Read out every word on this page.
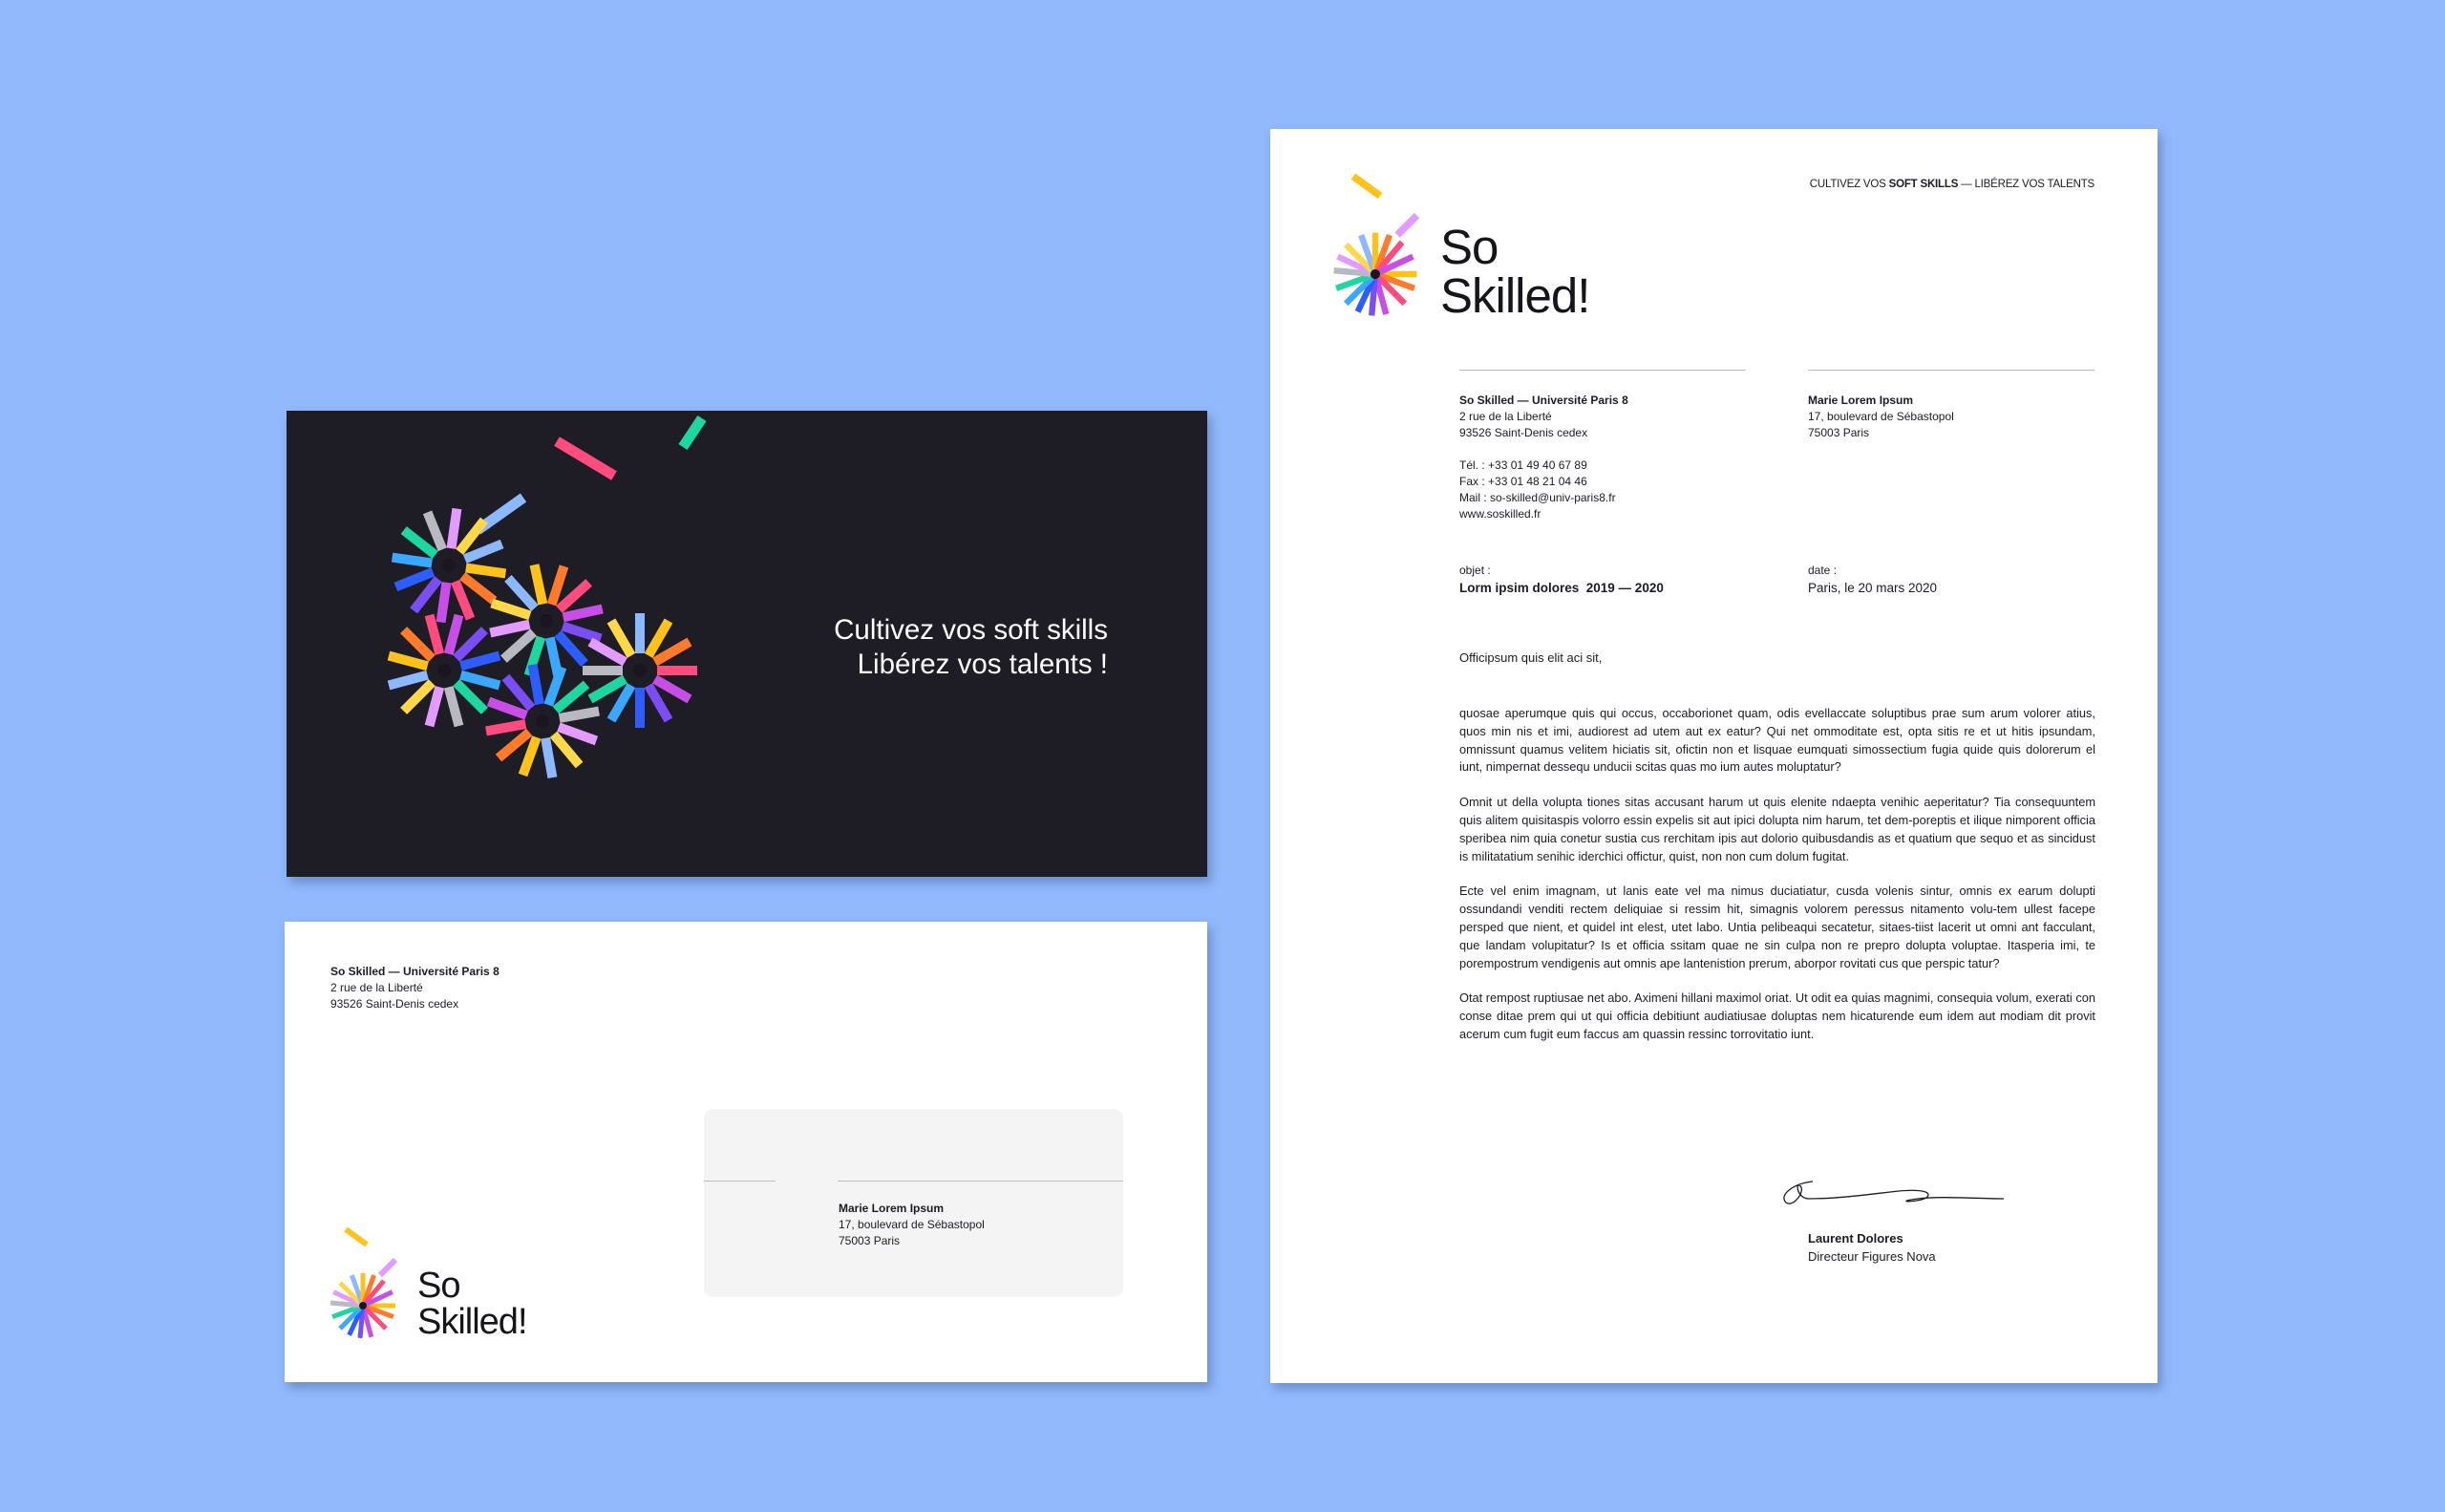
Cultivez vos soft skills
Libérez vos talents !
So Skilled — Université Paris 8
2 rue de la Liberté
93526 Saint-Denis cedex
Marie Lorem Ipsum
17, boulevard de Sébastopol
75003 Paris
So
Skilled!
So
Skilled!
CULTIVEZ VOS SOFT SKILLS — LIBÉREZ VOS TALENTS
So Skilled — Université Paris 8
2 rue de la Liberté
93526 Saint-Denis cedex
Tél. : +33 01 49 40 67 89
Fax : +33 01 48 21 04 46
Mail : so-skilled@univ-paris8.fr
www.soskilled.fr
Marie Lorem Ipsum
17, boulevard de Sébastopol
75003 Paris
objet :
Lorm ipsim dolores  2019 — 2020
date :
Paris, le 20 mars 2020
Officipsum quis elit aci sit,

quosae aperumque quis qui occus, occaborionet quam, odis evellaccate soluptibus prae sum arum volorer atius, quos min nis et imi, audiorest ad utem aut ex eatur? Qui net ommoditate est, opta sitis re et ut hitis ipsundam, omnissunt quamus velitem hiciatis sit, ofictin non et lisquae eumquati simossectium fugia quide quis dolorerum el iunt, nimpernat dessequ unducii scitas quas mo ium autes moluptatur?

Omnit ut della volupta tiones sitas accusant harum ut quis elenite ndaepta venihic aeperitatur? Tia consequuntem quis alitem quisitaspis volorro essin expelis sit aut ipici dolupta nim harum, tet dem-poreptis et ilique nimporent officia speribea nim quia conetur sustia cus rerchitam ipis aut dolorio quibusdandis as et quatium que sequo et as sincidust is militatatium senihic iderchici offictur, quist, non non cum dolum fugitat.

Ecte vel enim imagnam, ut lanis eate vel ma nimus duciatiatur, cusda volenis sintur, omnis ex earum dolupti ossundandi venditi rectem deliquiae si ressim hit, simagnis volorem peressus nitamento volu-tem ullest facepe persped que nient, et quidel int elest, utet labo. Untia pelibeaqui secatetur, sitaes-tiist lacerit ut omni ant facculant, que landam volupitatur? Is et officia ssitam quae ne sin culpa non re prepro dolupta voluptae. Itasperia imi, te porempostrum vendigenis aut omnis ape lantenistion prerum, aborpor rovitati cus que perspic tatur?

Otat rempost ruptiusae net abo. Aximeni hillani maximol oriat. Ut odit ea quias magnimi, consequia volum, exerati con conse ditae prem qui ut qui officia debitiunt audiatiusae doluptas nem hicaturende eum idem aut modiam dit provit acerum cum fugit eum faccus am quassin ressinc torrovitatio iunt.

Laurent Dolores
Directeur Figures Nova
